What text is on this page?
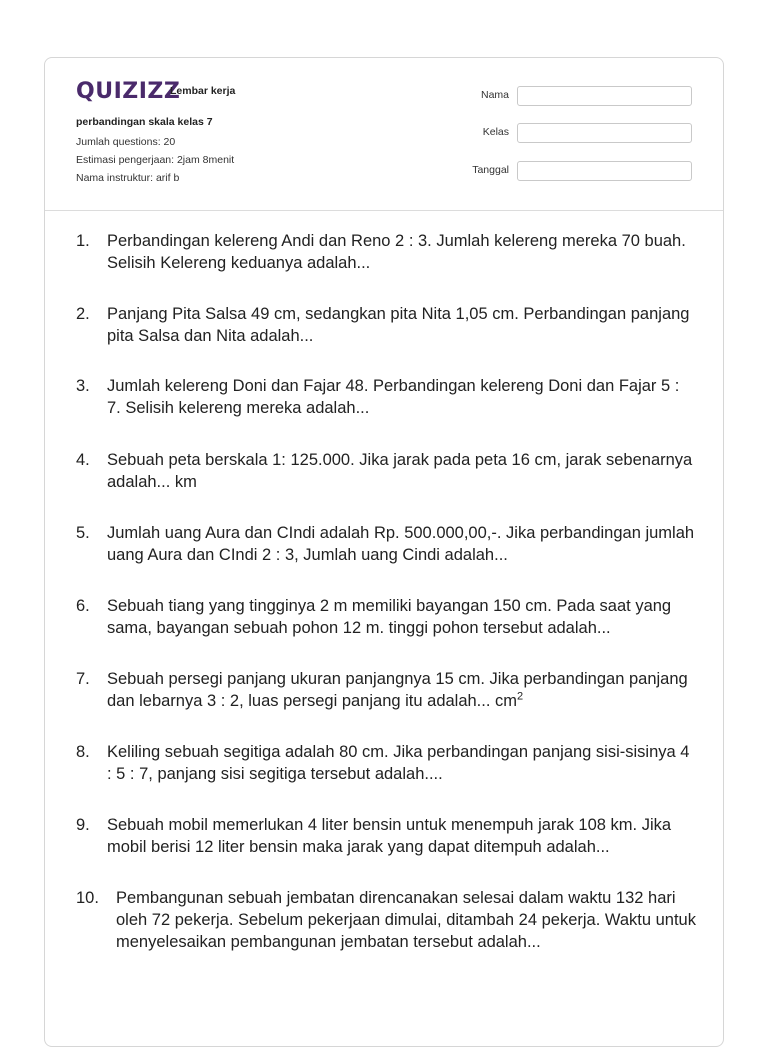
QUIZIZZ
Lembar kerja
perbandingan skala kelas 7
Jumlah questions: 20
Estimasi pengerjaan: 2jam 8menit
Nama instruktur: arif b
Nama
Kelas
Tanggal
1. Perbandingan kelereng Andi dan Reno 2 : 3. Jumlah kelereng mereka 70 buah. Selisih Kelereng keduanya adalah...
2. Panjang Pita Salsa 49 cm, sedangkan pita Nita 1,05 cm. Perbandingan panjang pita Salsa dan Nita adalah...
3. Jumlah kelereng Doni dan Fajar 48. Perbandingan kelereng Doni dan Fajar 5 : 7. Selisih kelereng mereka adalah...
4. Sebuah peta berskala 1: 125.000. Jika jarak pada peta 16 cm, jarak sebenarnya adalah... km
5. Jumlah uang Aura dan CIndi adalah Rp. 500.000,00,-. Jika perbandingan jumlah uang Aura dan CIndi 2 : 3, Jumlah uang Cindi adalah...
6. Sebuah tiang yang tingginya 2 m memiliki bayangan 150 cm. Pada saat yang sama, bayangan sebuah pohon 12 m. tinggi pohon tersebut adalah...
7. Sebuah persegi panjang ukuran panjangnya 15 cm. Jika perbandingan panjang dan lebarnya 3 : 2, luas persegi panjang itu adalah... $cm^2$
8. Keliling sebuah segitiga adalah 80 cm. Jika perbandingan panjang sisi-sisinya 4 : 5 : 7, panjang sisi segitiga tersebut adalah....
9. Sebuah mobil memerlukan 4 liter bensin untuk menempuh jarak 108 km. Jika mobil berisi 12 liter bensin maka jarak yang dapat ditempuh adalah...
10. Pembangunan sebuah jembatan direncanakan selesai dalam waktu 132 hari oleh 72 pekerja. Sebelum pekerjaan dimulai, ditambah 24 pekerja. Waktu untuk menyelesaikan pembangunan jembatan tersebut adalah...
